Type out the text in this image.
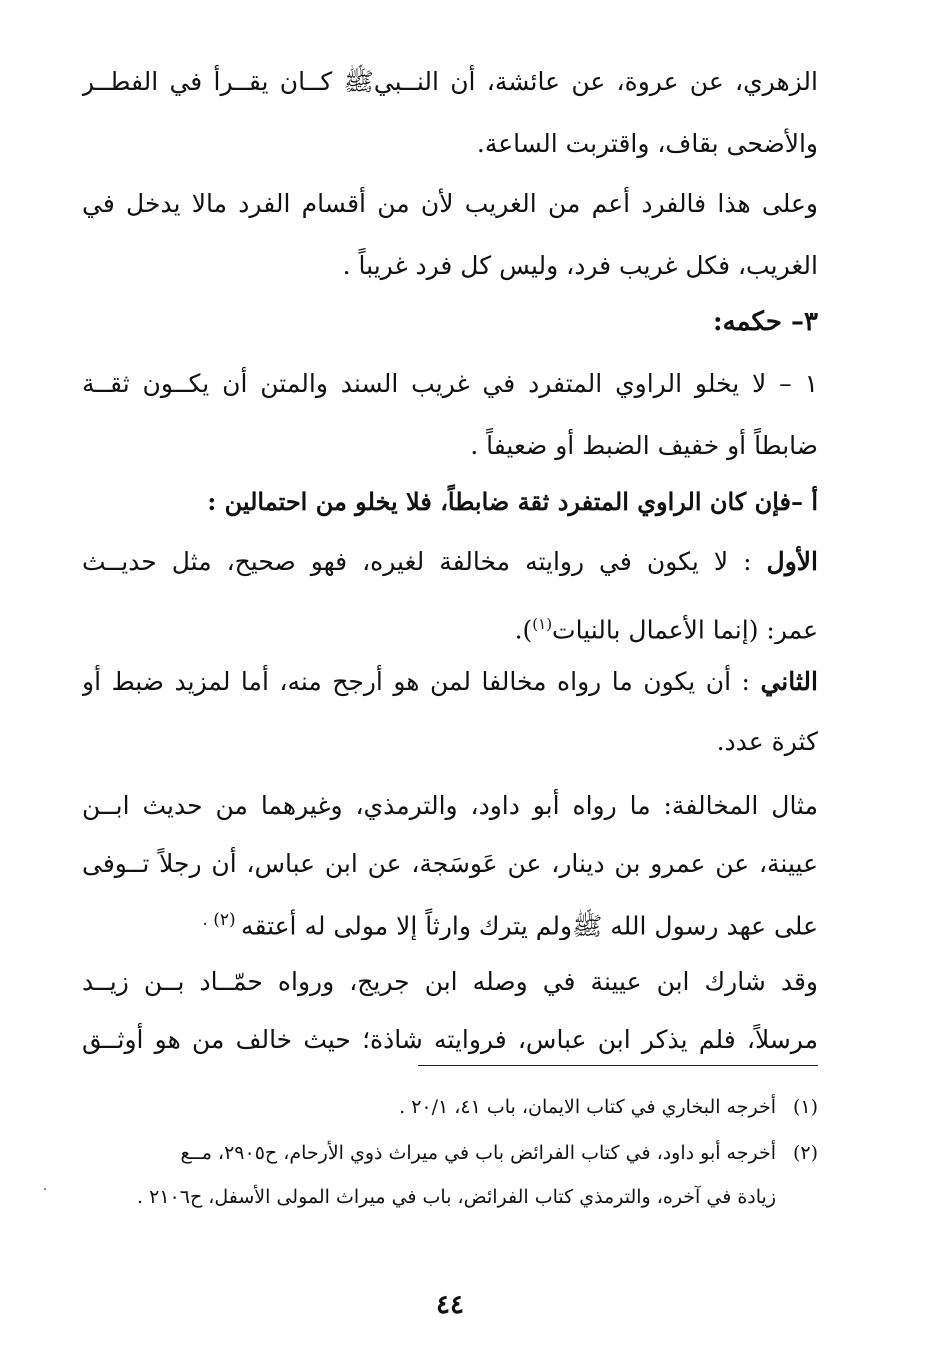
الزهري، عن عروة، عن عائشة، أن النــبيﷺ كــان يقــرأ في الفطــر
والأضحى بقاف، واقتربت الساعة.
وعلى هذا فالفرد أعم من الغريب لأن من أقسام الفرد مالا يدخل في
الغريب، فكل غريب فرد، وليس كل فرد غريباً .
٣– حكمه:
١ – لا يخلو الراوي المتفرد في غريب السند والمتن أن يكــون ثقــة
ضابطاً أو خفيف الضبط أو ضعيفاً .
أ –فإن كان الراوي المتفرد ثقة ضابطاً، فلا يخلو من احتمالين :
الأول : لا يكون في روايته مخالفة لغيره، فهو صحيح، مثل حديــث
عمر: (إنما الأعمال بالنيات$^{(١)}$).
الثاني : أن يكون ما رواه مخالفا لمن هو أرجح منه، أما لمزيد ضبط أو
كثرة عدد.
مثال المخالفة: ما رواه أبو داود، والترمذي، وغيرهما من حديث ابــن
عيينة، عن عمرو بن دينار، عن عَوسَجة، عن ابن عباس، أن رجلاً تــوفى
على عهد رسول الله ﷺولم يترك وارثاً إلا مولى له أعتقه $^{(٢) .}$
وقد شارك ابن عيينة في وصله ابن جريج، ورواه حمّــاد بــن زيــد
مرسلاً، فلم يذكر ابن عباس، فروايته شاذة؛ حيث خالف من هو أوثــق
(١)أخرجه البخاري في كتاب الايمان، باب ٤١، ٢٠/١ .
(٢)أخرجه أبو داود، في كتاب الفرائض باب في ميراث ذوي الأرحام، ح٢٩٠٥، مــع
زيادة في آخره، والترمذي كتاب الفرائض، باب في ميراث المولى الأسفل، ح٢١٠٦ .
٤٤
